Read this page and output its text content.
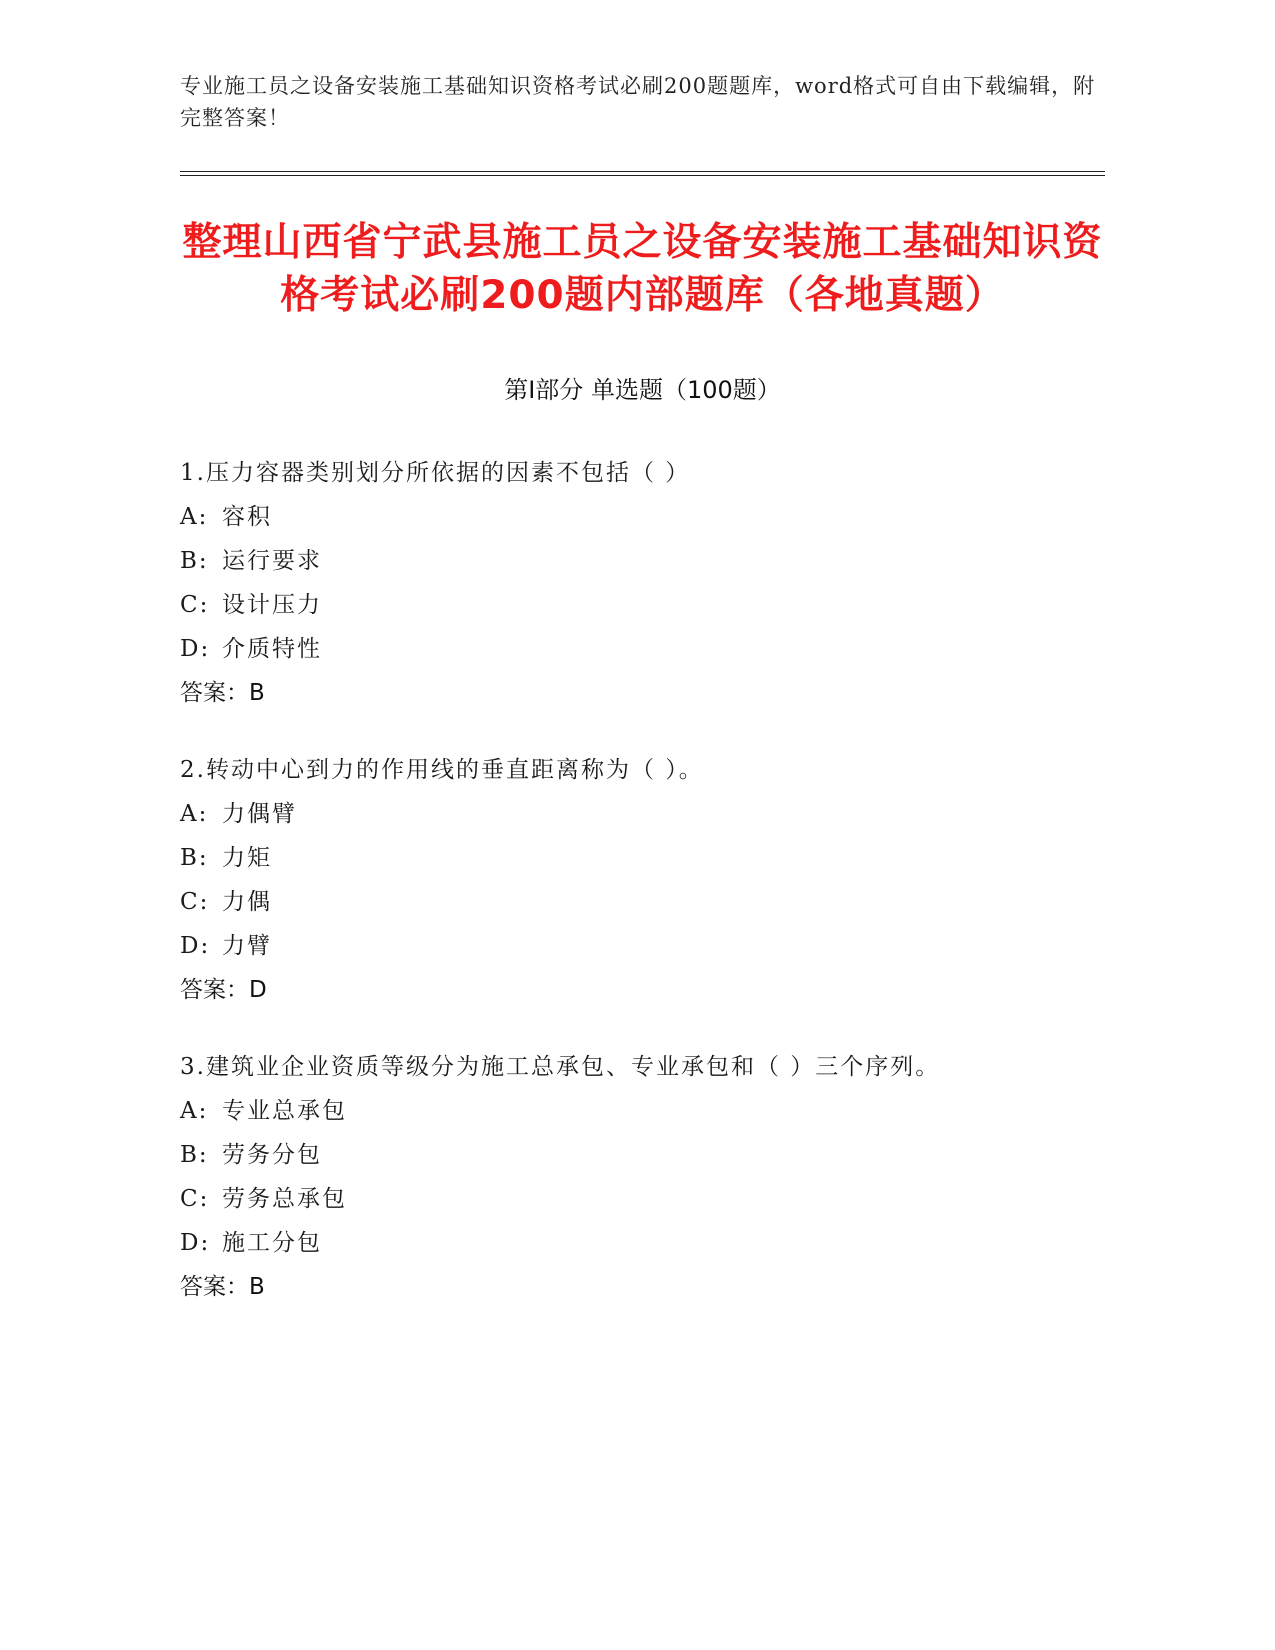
专业施工员之设备安装施工基础知识资格考试必刷200题题库，word格式可自由下载编辑，附完整答案！
整理山西省宁武县施工员之设备安装施工基础知识资格考试必刷200题内部题库（各地真题）
第Ⅰ部分 单选题（100题）
1.压力容器类别划分所依据的因素不包括（ ）
A: 容积
B: 运行要求
C: 设计压力
D: 介质特性
答案：B
2.转动中心到力的作用线的垂直距离称为（ ）。
A: 力偶臂
B: 力矩
C: 力偶
D: 力臂
答案：D
3.建筑业企业资质等级分为施工总承包、专业承包和（ ）三个序列。
A: 专业总承包
B: 劳务分包
C: 劳务总承包
D: 施工分包
答案：B
